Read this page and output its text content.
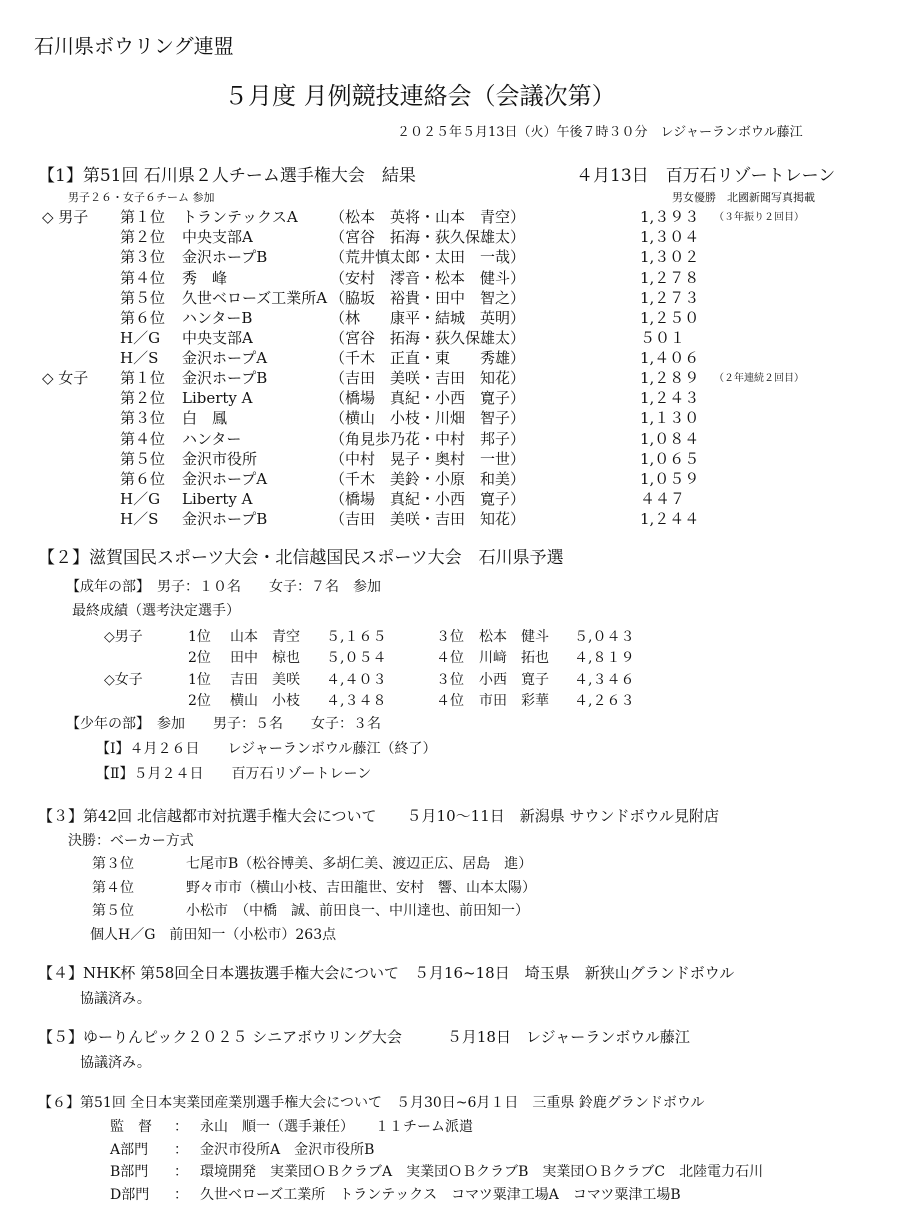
石川県ボウリング連盟
５月度 月例競技連絡会（会議次第）
２０２５年５月13日（火）午後７時３０分　レジャーランボウル藤江
【1】第51回 石川県２人チーム選手権大会　結果	４月13日　百万石リゾートレーン
男子２６・女子６チーム 参加	男女優勝　北國新聞写真掲載
◇ 男子 第１位 トランテックスA （松本　英将・山本　青空）	1,３９３ （３年振り２回目）
第２位 中央支部A	（宮谷　拓海・荻久保雄太）	1,３０４
第３位 金沢ホープB	（荒井慎太郎・太田　一哉）	1,３０２
第４位 秀　峰	（安村　澪音・松本　健斗）	1,２７８
第５位 久世ベローズ工業所A （脇坂　裕貴・田中　智之）	1,２７３
第６位 ハンターB	（林　　康平・結城　英明）	1,２５０
H／G 中央支部A	（宮谷　拓海・荻久保雄太）	５０１
H／S 金沢ホープA	（千木　正直・東　　秀雄）	1,４０６
◇ 女子 第１位 金沢ホープB	（吉田　美咲・吉田　知花）	1,２８９ （２年連続２回目）
第２位 Liberty A	（橋場　真紀・小西　寛子）	1,２４３
第３位 白　鳳	（横山　小枝・川畑　智子）	1,１３０
第４位 ハンター	（角見歩乃花・中村　邦子）	1,０８４
第５位 金沢市役所	（中村　晃子・奥村　一世）	1,０６５
第６位 金沢ホープA	（千木　美鈴・小原　和美）	1,０５９
H／G Liberty A	（橋場　真紀・小西　寛子）	４４７
H／S 金沢ホープB	（吉田　美咲・吉田　知花）	1,２４４
【２】滋賀国民スポーツ大会・北信越国民スポーツ大会　石川県予選
【成年の部】　男子：１０名　　女子：７名　参加
最終成績（選考決定選手）
◇男子	1位 山本　青空 ５,１６５	３位 松本　健斗 ５,０４３
2位 田中　椋也 ５,０５４	４位 川﨑　拓也 ４,８１９
◇女子	1位 吉田　美咲 ４,４０３	３位 小西　寛子 ４,３４６
2位 横山　小枝 ４,３４８	４位 市田　彩華 ４,２６３
【少年の部】　参加　　男子：５名　　女子：３名
【Ⅰ】４月２６日　　レジャーランボウル藤江（終了）
【Ⅱ】５月２４日　　百万石リゾートレーン
【３】第42回 北信越都市対抗選手権大会について　　５月10～11日　新潟県 サウンドボウル見附店
決勝：ベーカー方式
第３位	七尾市B（松谷博美、多胡仁美、渡辺正広、居島　進）
第４位	野々市市（横山小枝、吉田龍世、安村　響、山本太陽）
第５位	小松市　（中橋　誠、前田良一、中川達也、前田知一）
個人H／G　前田知一（小松市）263点
【４】NHK杯 第58回全日本選抜選手権大会について　５月16~18日　埼玉県　新狭山グランドボウル
協議済み。
【５】ゆーりんピック２０２５ シニアボウリング大会　　　５月18日　レジャーランボウル藤江
協議済み。
【６】第51回 全日本実業団産業別選手権大会について　５月30日~6月１日　三重県 鈴鹿グランドボウル
監　督 ： 永山　順一（選手兼任）　　１１チーム派遣
A部門 ： 金沢市役所A　金沢市役所B
B部門 ： 環境開発　実業団ＯＢクラブA　実業団ＯＢクラブB　実業団ＯＢクラブC　北陸電力石川
D部門 ： 久世ベローズ工業所　トランテックス　コマツ粟津工場A　コマツ粟津工場B
